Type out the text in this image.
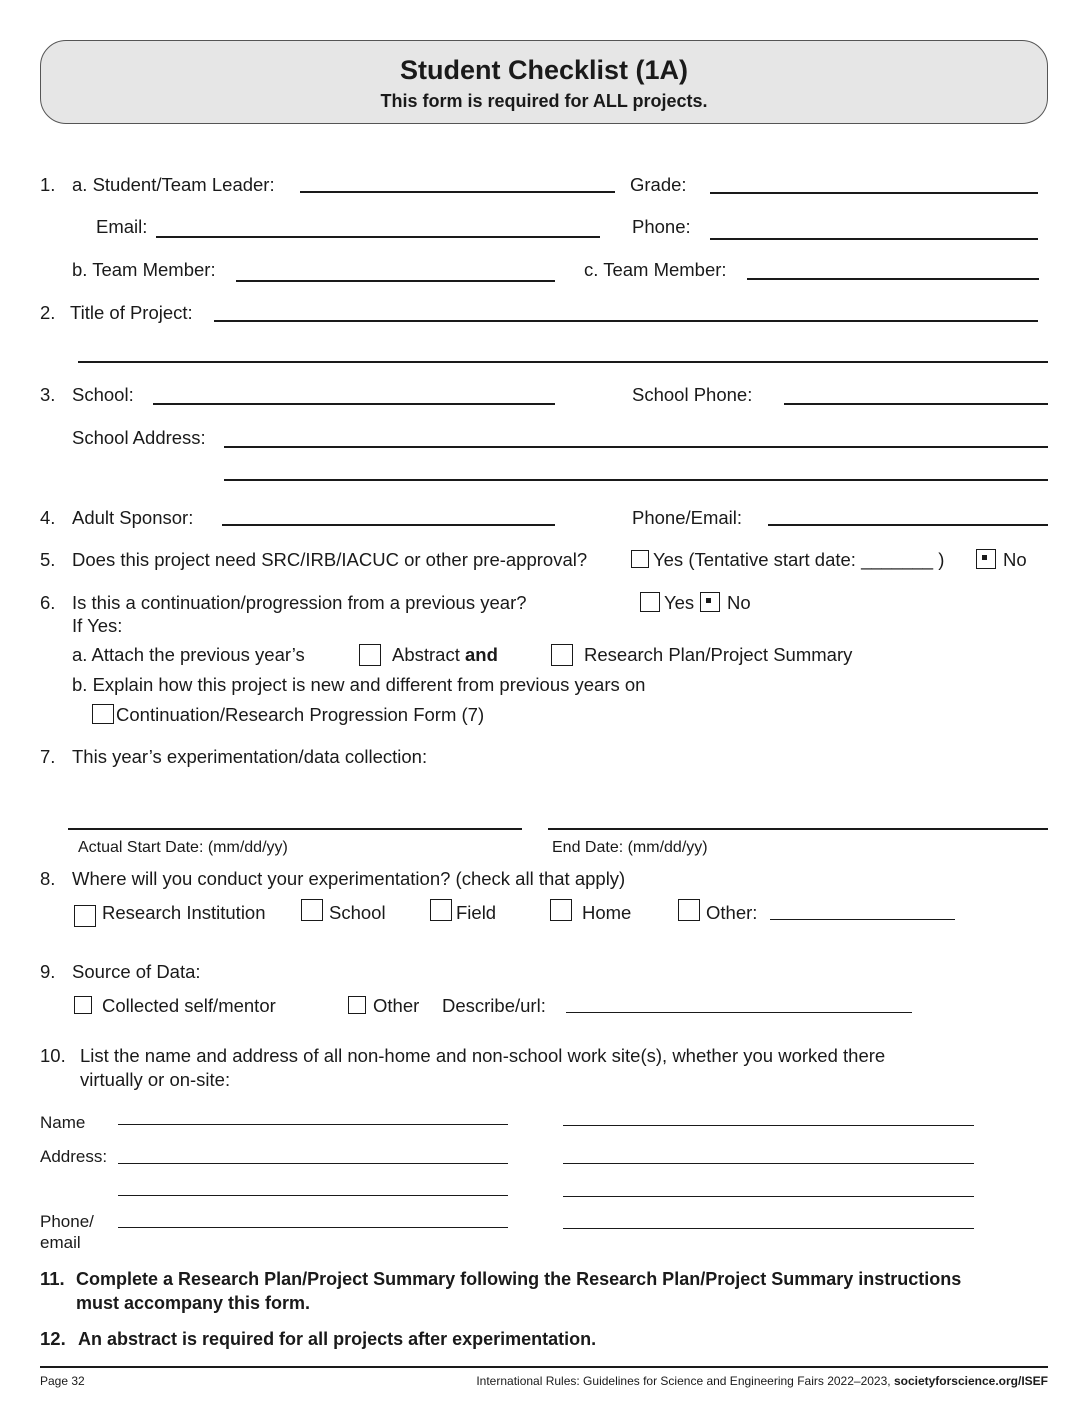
Student Checklist (1A)
This form is required for ALL projects.
1. a. Student/Team Leader:	Grade:
Email:	Phone:
b. Team Member:	c. Team Member:
2. Title of Project:
3. School:	School Phone:
School Address:
4. Adult Sponsor:	Phone/Email:
5. Does this project need SRC/IRB/IACUC or other pre-approval?	Yes (Tentative start date: _______ )	No
6. Is this a continuation/progression from a previous year?	Yes No
If Yes:
a. Attach the previous year’s	Abstract and	Research Plan/Project Summary
b. Explain how this project is new and different from previous years on
Continuation/Research Progression Form (7)
7. This year’s experimentation/data collection:
Actual Start Date: (mm/dd/yy)	End Date: (mm/dd/yy)
8. Where will you conduct your experimentation? (check all that apply)
Research Institution	School	Field	Home	Other:
9. Source of Data:
Collected self/mentor	Other Describe/url:
10. List the name and address of all non-home and non-school work site(s), whether you worked there
virtually or on-site:
Name
Address:
Phone/
email
11. Complete a Research Plan/Project Summary following the Research Plan/Project Summary instructions
must accompany this form.
12. An abstract is required for all projects after experimentation.
Page 32	International Rules: Guidelines for Science and Engineering Fairs 2022–2023, societyforscience.org/ISEF
